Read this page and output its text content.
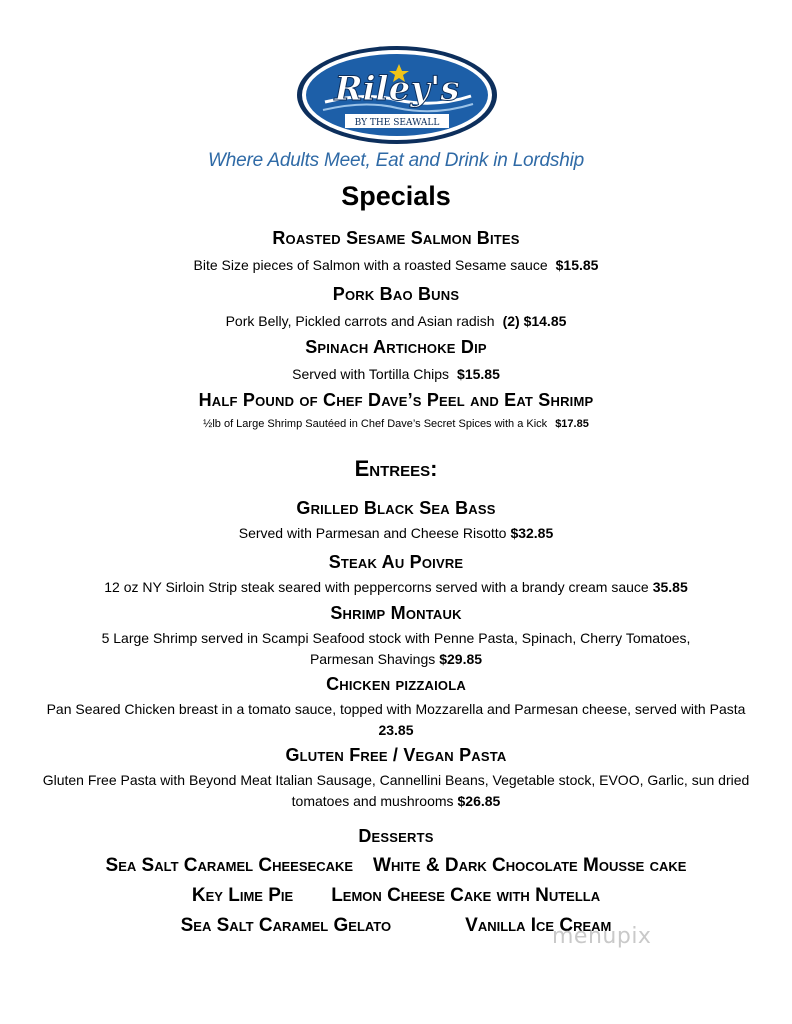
Riley's
BY THE SEAWALL
Where Adults Meet, Eat and Drink in Lordship
Specials
Roasted Sesame Salmon Bites
Bite Size pieces of Salmon with a roasted Sesame sauce $15.85
Pork Bao Buns
Pork Belly, Pickled carrots and Asian radish (2) $14.85
Spinach Artichoke Dip
Served with Tortilla Chips $15.85
Half Pound of Chef Dave’s Peel and Eat Shrimp
½lb of Large Shrimp Sautéed in Chef Dave’s Secret Spices with a Kick $17.85
Entrees:
Grilled Black Sea Bass
Served with Parmesan and Cheese Risotto $32.85
Steak Au Poivre
12 oz NY Sirloin Strip steak seared with peppercorns served with a brandy cream sauce 35.85
Shrimp Montauk
5 Large Shrimp served in Scampi Seafood stock with Penne Pasta, Spinach, Cherry Tomatoes,
Parmesan Shavings $29.85
Chicken pizzaiola
Pan Seared Chicken breast in a tomato sauce, topped with Mozzarella and Parmesan cheese, served with Pasta
23.85
Gluten Free / Vegan Pasta
Gluten Free Pasta with Beyond Meat Italian Sausage, Cannellini Beans, Vegetable stock, EVOO, Garlic, sun dried
tomatoes and mushrooms $26.85
Desserts
Sea Salt Caramel Cheesecake White & Dark Chocolate Mousse cake
Key Lime Pie Lemon Cheese Cake with Nutella
Sea Salt Caramel Gelato	Vanilla Ice Cream
menupix
